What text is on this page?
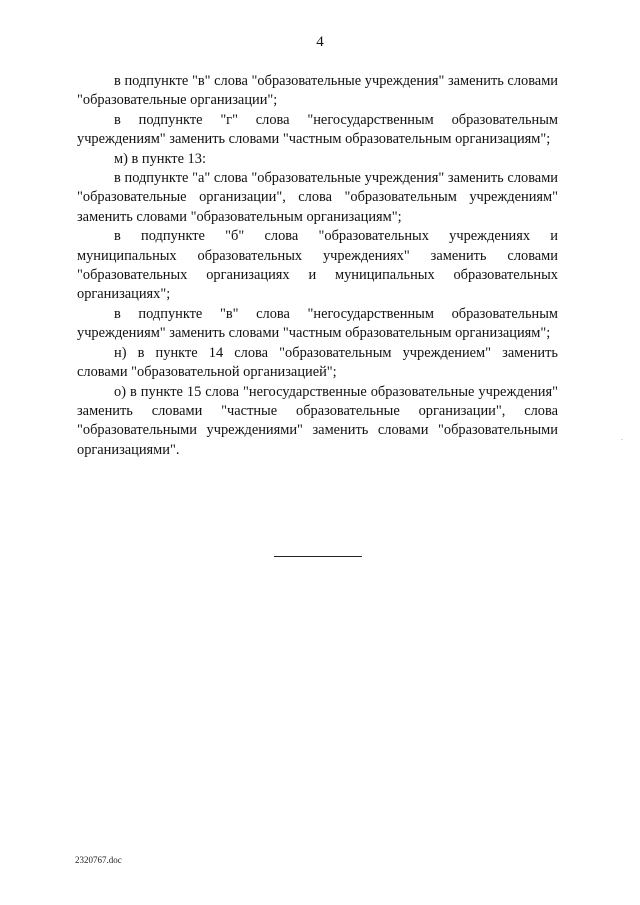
4

в подпункте "в" слова "образовательные учреждения" заменить словами "образовательные организации";

в подпункте "г" слова "негосударственным образовательным учреждениям" заменить словами "частным образовательным организациям";

м) в пункте 13:

в подпункте "а" слова "образовательные учреждения" заменить словами "образовательные организации", слова "образовательным учреждениям" заменить словами "образовательным организациям";

в подпункте "б" слова "образовательных учреждениях и муниципальных образовательных учреждениях" заменить словами "образовательных организациях и муниципальных образовательных организациях";

в подпункте "в" слова "негосударственным образовательным учреждениям" заменить словами "частным образовательным организациям";

н) в пункте 14 слова "образовательным учреждением" заменить словами "образовательной организацией";

о) в пункте 15 слова "негосударственные образовательные учреждения" заменить словами "частные образовательные организации", слова "образовательными учреждениями" заменить словами "образовательными организациями".

.
2320767.doc
